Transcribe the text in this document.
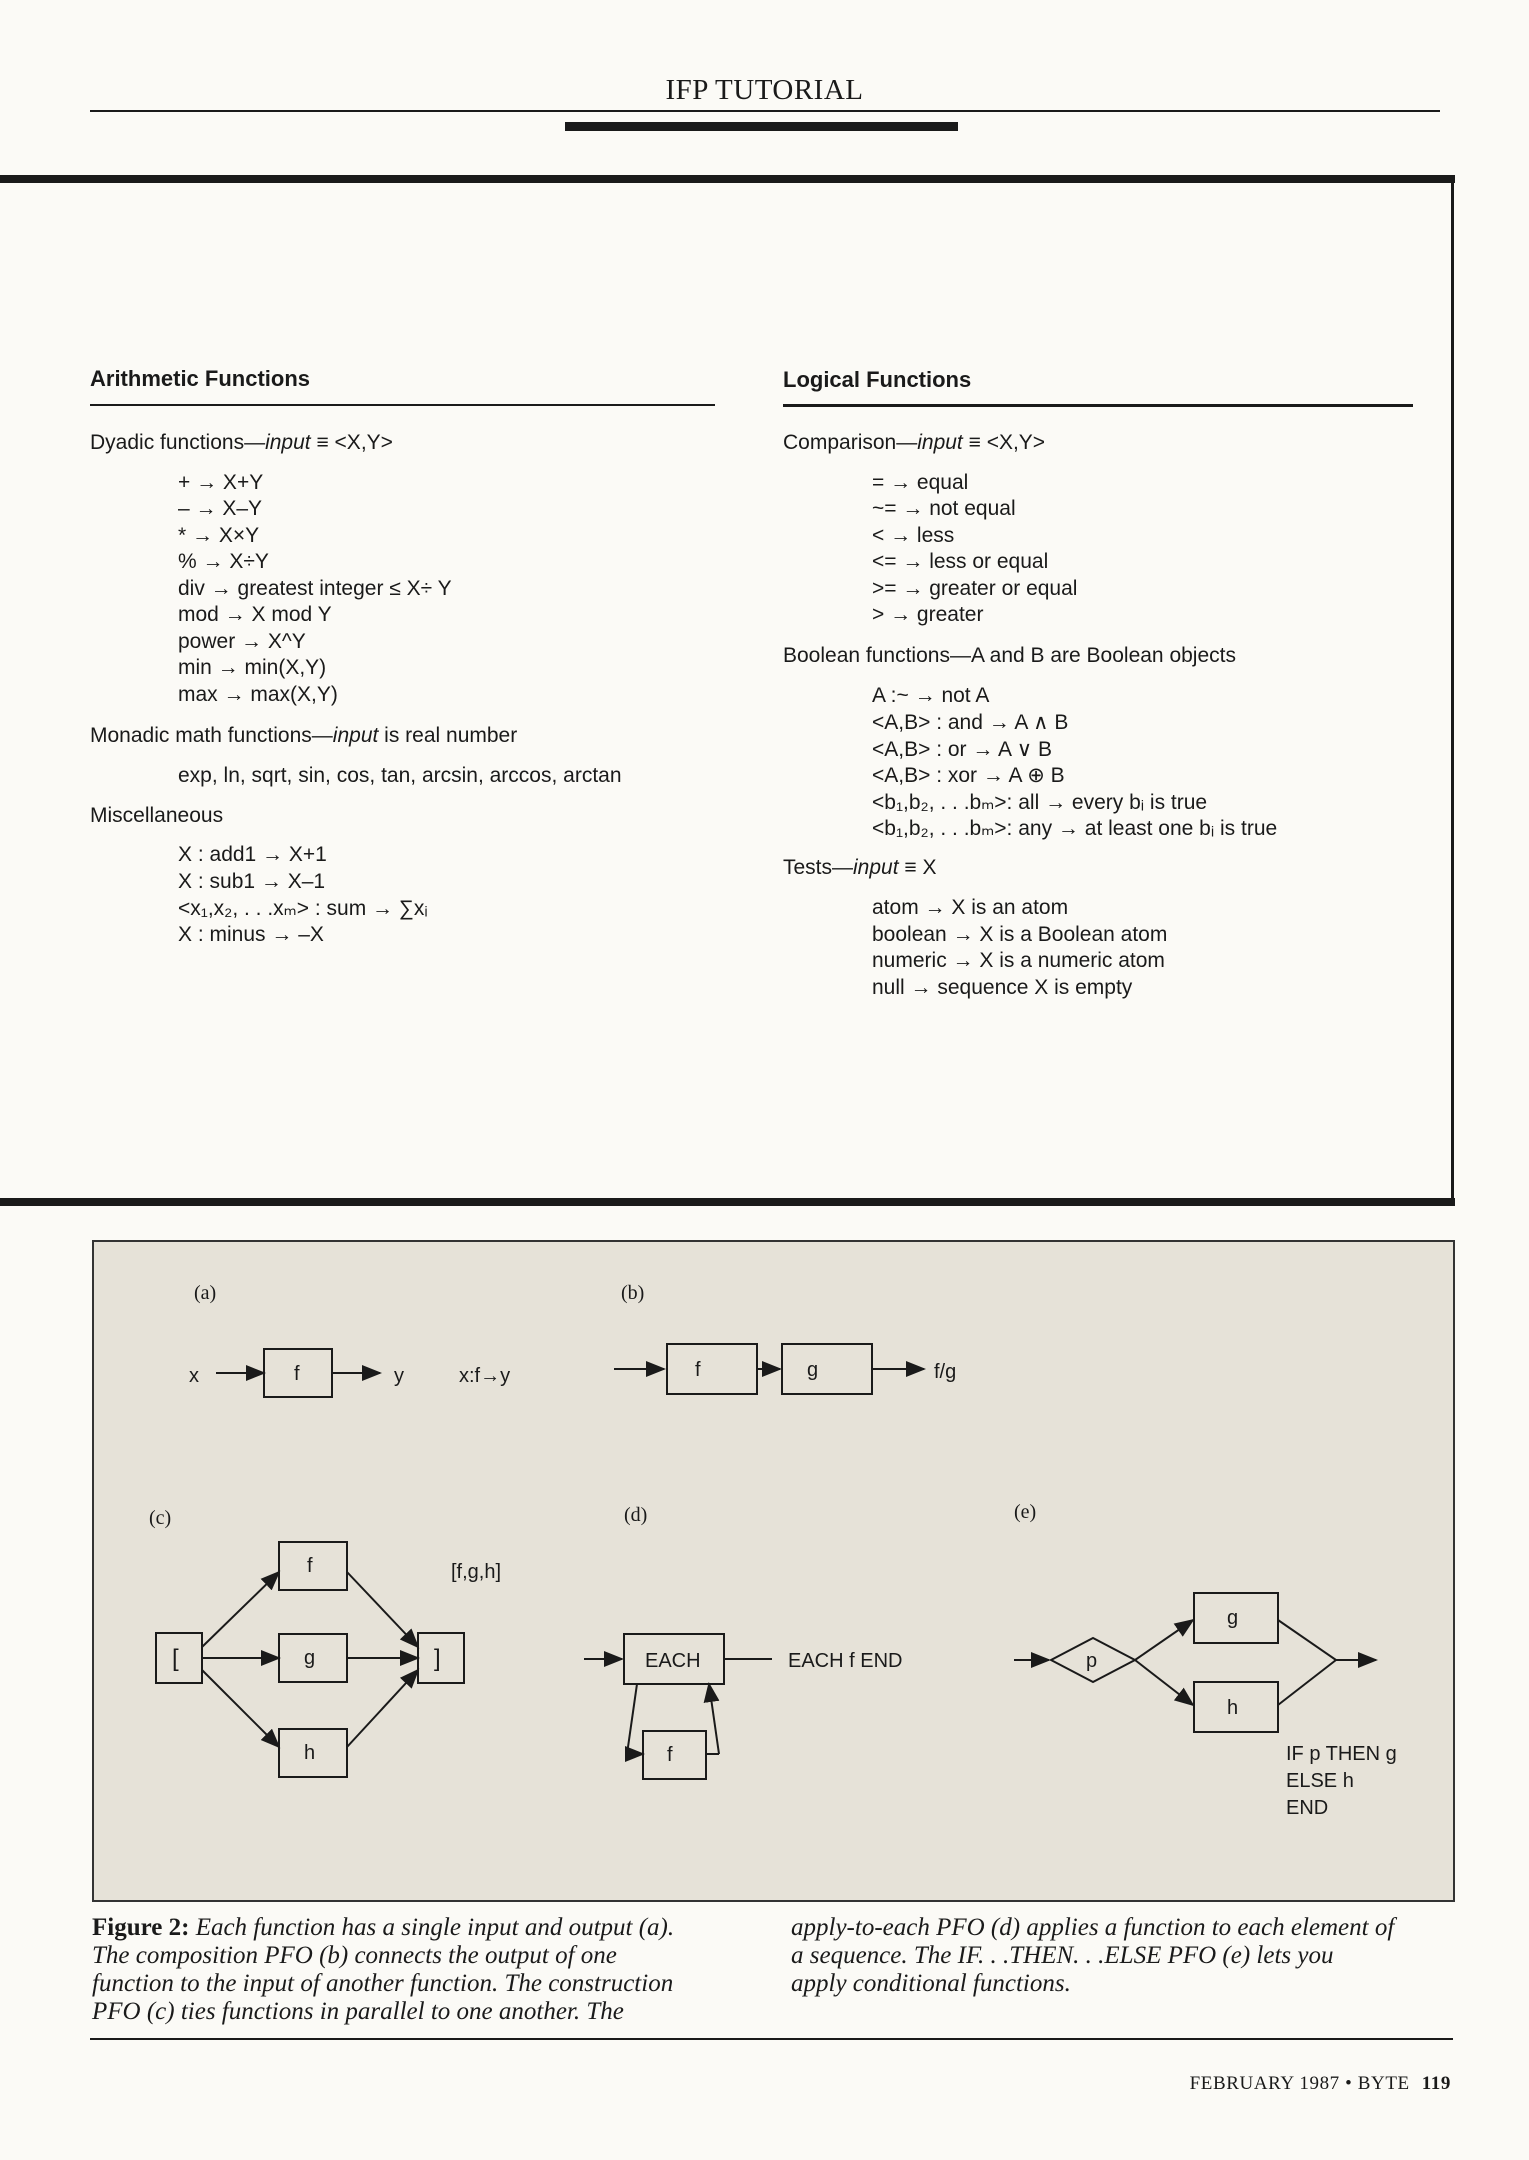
IFP TUTORIAL
Arithmetic Functions
Dyadic functions—input ≡ <X,Y>
+ → X+Y
– → X–Y
* → X×Y
% → X÷Y
div → greatest integer ≤ X÷ Y
mod → X mod Y
power → X^Y
min → min(X,Y)
max → max(X,Y)
Monadic math functions—input is real number
exp, ln, sqrt, sin, cos, tan, arcsin, arccos, arctan
Miscellaneous
X : add1 → X+1
X : sub1 → X–1
<x₁,x₂, . . .xₘ> : sum → ∑xᵢ
X : minus → –X
Logical Functions
Comparison—input ≡ <X,Y>
= → equal
~= → not equal
< → less
<= → less or equal
>= → greater or equal
> → greater
Boolean functions—A and B are Boolean objects
A :~ → not A
<A,B> : and → A ∧ B
<A,B> : or → A ∨ B
<A,B> : xor → A ⊕ B
<b₁,b₂, . . .bₘ>: all → every bᵢ is true
<b₁,b₂, . . .bₘ>: any → at least one bᵢ is true
Tests—input ≡ X
atom → X is an atom
boolean → X is a Boolean atom
numeric → X is a numeric atom
null → sequence X is empty
(a)	(b)
(c)	(d)	(e)
x	f	y	x:f→y	f	g	f/g
[
f
g
h
]
[f,g,h]
EACH	EACH f END
f
p
g
h
IF p THEN g
ELSE h
END
Figure 2: Each function has a single input and output (a).
The composition PFO (b) connects the output of one
function to the input of another function. The construction
PFO (c) ties functions in parallel to one another. The
apply-to-each PFO (d) applies a function to each element of
a sequence. The IF. . .THEN. . .ELSE PFO (e) lets you
apply conditional functions.
FEBRUARY 1987 • BYTE 119
